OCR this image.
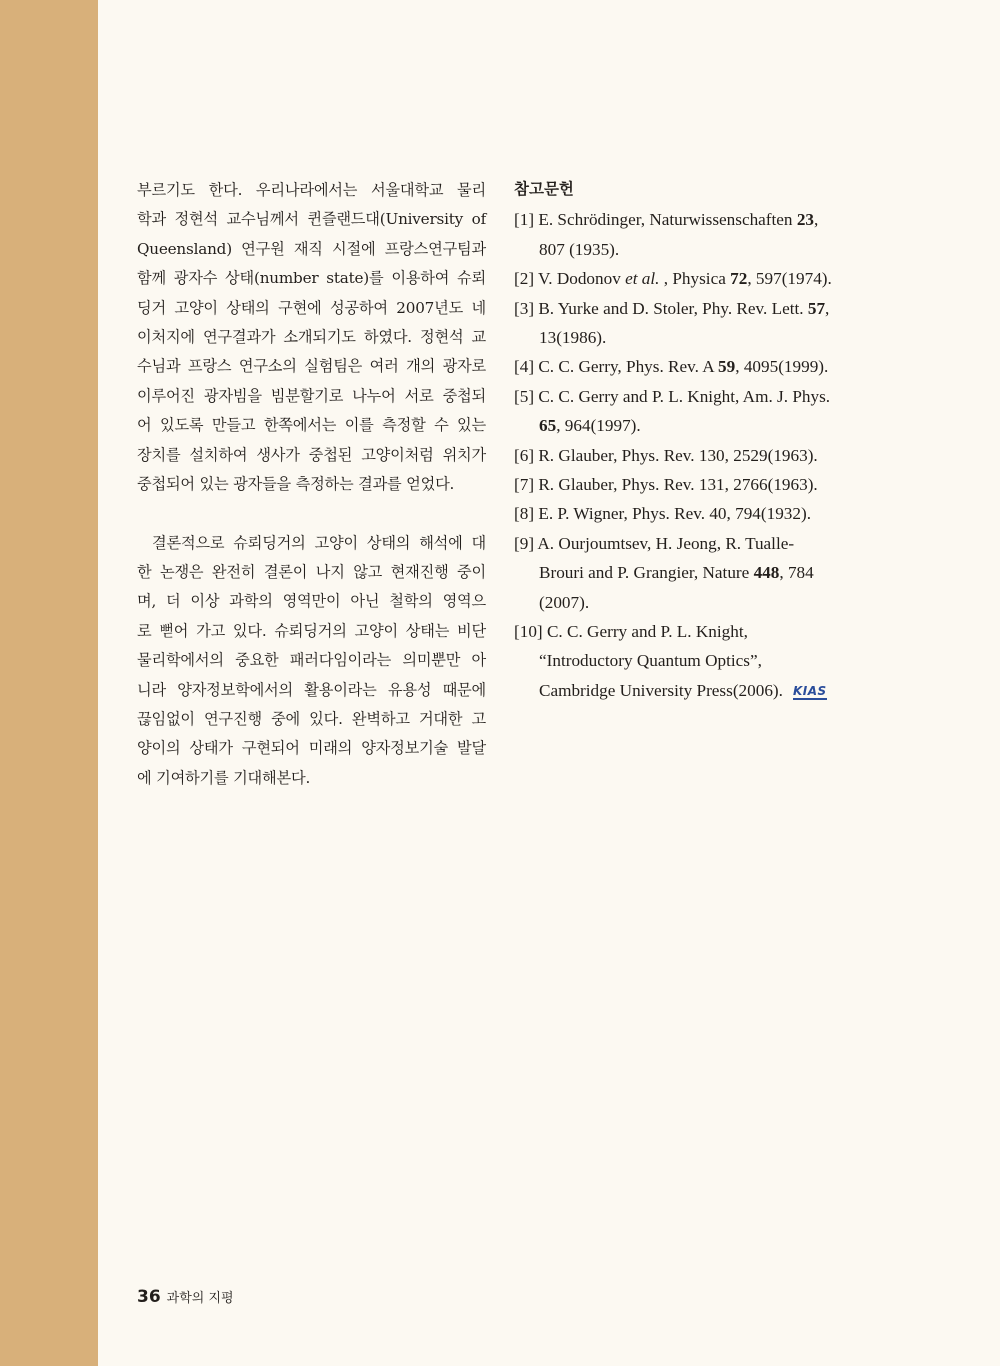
부르기도 한다. 우리나라에서는 서울대학교 물리
학과 정현석 교수님께서 퀸즐랜드대(University of
Queensland) 연구원 재직 시절에 프랑스연구팀과
함께 광자수 상태(number state)를 이용하여 슈뢰
딩거 고양이 상태의 구현에 성공하여 2007년도 네
이처지에 연구결과가 소개되기도 하였다. 정현석 교
수님과 프랑스 연구소의 실험팀은 여러 개의 광자로
이루어진 광자빔을 빔분할기로 나누어 서로 중첩되
어 있도록 만들고 한쪽에서는 이를 측정할 수 있는
장치를 설치하여 생사가 중첩된 고양이처럼 위치가
중첩되어 있는 광자들을 측정하는 결과를 얻었다.
결론적으로 슈뢰딩거의 고양이 상태의 해석에 대
한 논쟁은 완전히 결론이 나지 않고 현재진행 중이
며, 더 이상 과학의 영역만이 아닌 철학의 영역으
로 뻗어 가고 있다. 슈뢰딩거의 고양이 상태는 비단
물리학에서의 중요한 패러다임이라는 의미뿐만 아
니라 양자정보학에서의 활용이라는 유용성 때문에
끊임없이 연구진행 중에 있다. 완벽하고 거대한 고
양이의 상태가 구현되어 미래의 양자정보기술 발달
에 기여하기를 기대해본다.
참고문헌
[1] E. Schrödinger, Naturwissenschaften 23,
807 (1935).
[2] V. Dodonov et al. , Physica 72, 597(1974).
[3] B. Yurke and D. Stoler, Phy. Rev. Lett. 57,
13(1986).
[4] C. C. Gerry, Phys. Rev. A 59, 4095(1999).
[5] C. C. Gerry and P. L. Knight, Am. J. Phys.
65, 964(1997).
[6] R. Glauber, Phys. Rev. 130, 2529(1963).
[7] R. Glauber, Phys. Rev. 131, 2766(1963).
[8] E. P. Wigner, Phys. Rev. 40, 794(1932).
[9] A. Ourjoumtsev, H. Jeong, R. Tualle-
Brouri and P. Grangier, Nature 448, 784
(2007).
[10] C. C. Gerry and P. L. Knight,
“Introductory Quantum Optics”,
Cambridge University Press(2006). KIAS
36 과학의 지평
